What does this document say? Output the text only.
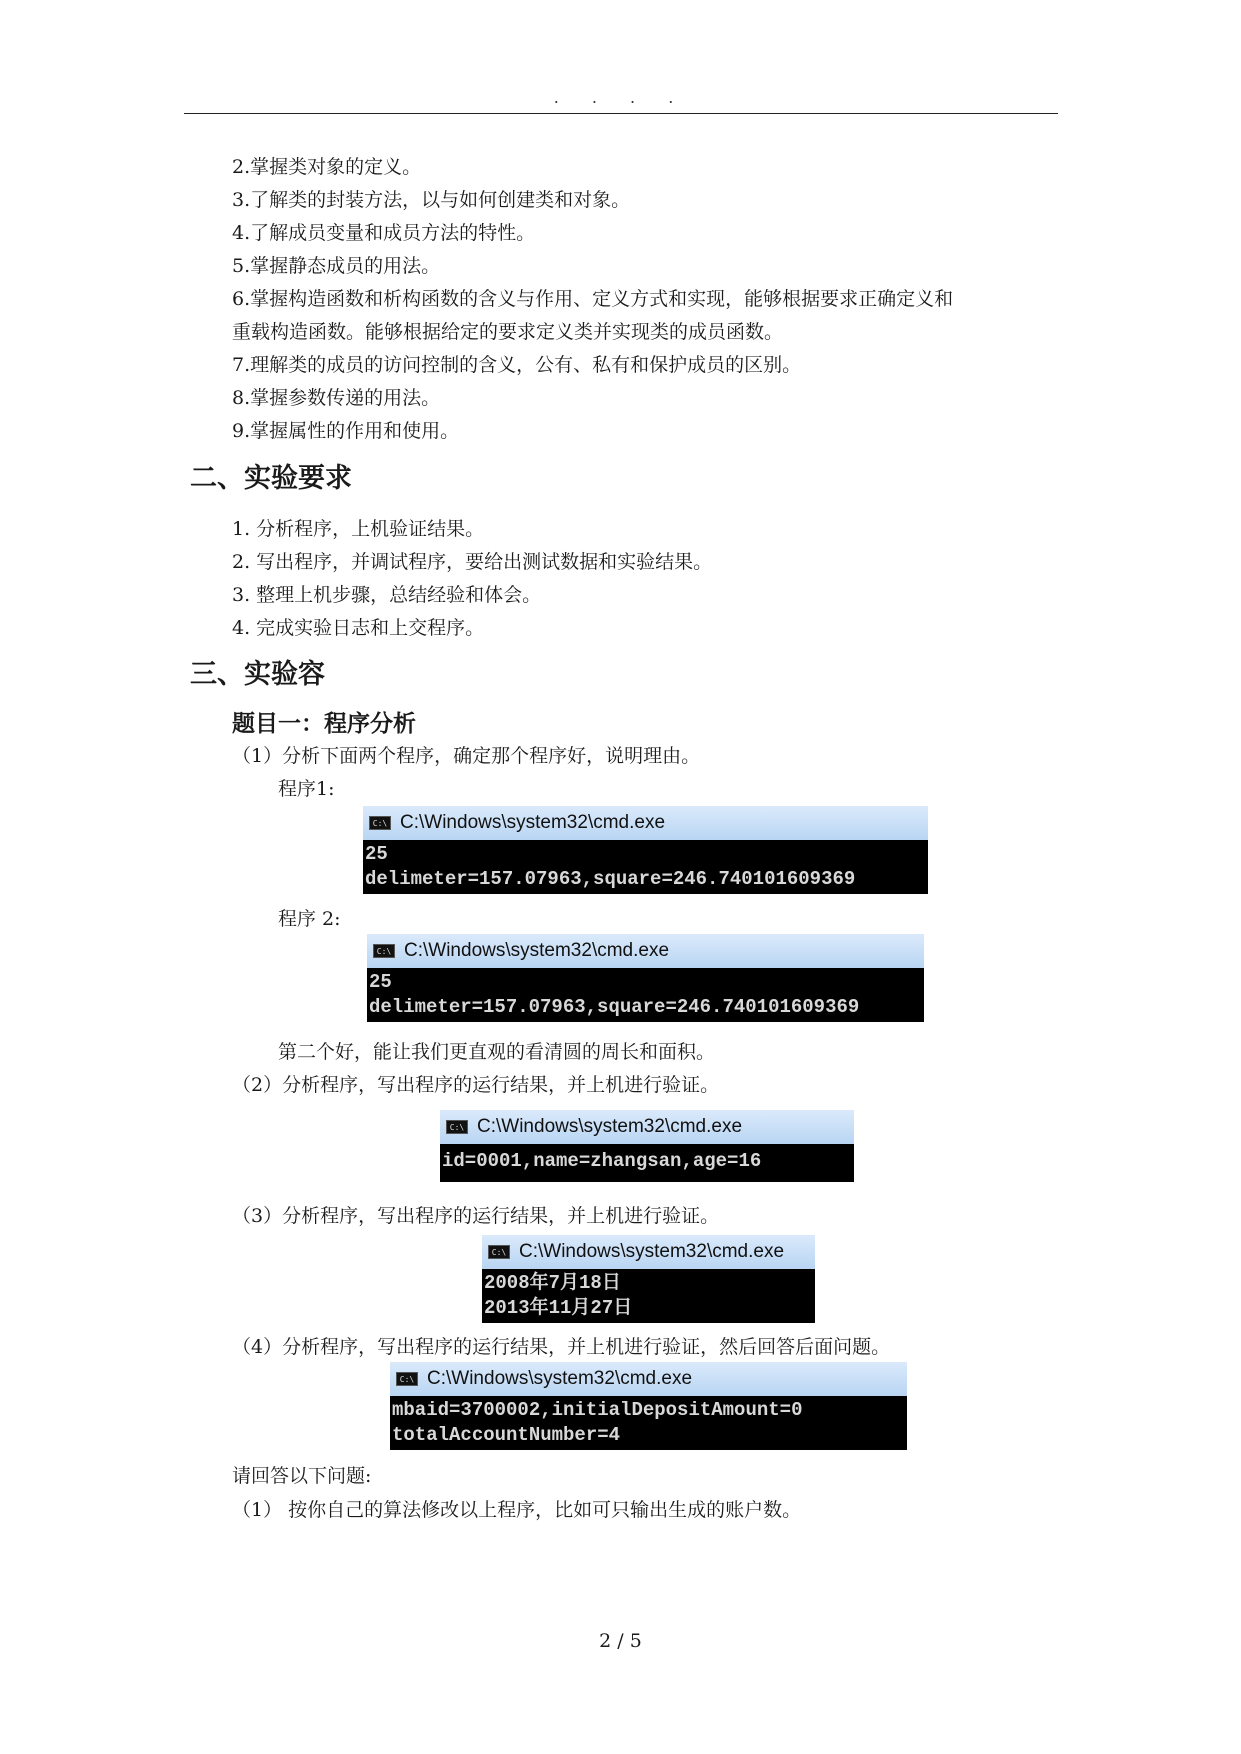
. . . .
2.掌握类对象的定义。
3.了解类的封装方法，以与如何创建类和对象。
4.了解成员变量和成员方法的特性。
5.掌握静态成员的用法。
6.掌握构造函数和析构函数的含义与作用、定义方式和实现，能够根据要求正确定义和
重载构造函数。能够根据给定的要求定义类并实现类的成员函数。
7.理解类的成员的访问控制的含义，公有、私有和保护成员的区别。
8.掌握参数传递的用法。
9.掌握属性的作用和使用。
二、实验要求
1. 分析程序，上机验证结果。
2. 写出程序，并调试程序，要给出测试数据和实验结果。
3. 整理上机步骤，总结经验和体会。
4. 完成实验日志和上交程序。
三、实验容
题目一：程序分析
（1）分析下面两个程序，确定那个程序好，说明理由。
程序1:
C:\ C:\Windows\system32\cmd.exe
25
delimeter=157.07963,square=246.740101609369
程序 2:
C:\ C:\Windows\system32\cmd.exe
25
delimeter=157.07963,square=246.740101609369
第二个好，能让我们更直观的看清圆的周长和面积。
（2）分析程序，写出程序的运行结果，并上机进行验证。
C:\ C:\Windows\system32\cmd.exe
id=0001,name=zhangsan,age=16
（3）分析程序，写出程序的运行结果，并上机进行验证。
C:\ C:\Windows\system32\cmd.exe
2008年7月18日
2013年11月27日
（4）分析程序，写出程序的运行结果，并上机进行验证，然后回答后面问题。
C:\ C:\Windows\system32\cmd.exe
mbaid=3700002,initialDepositAmount=0
totalAccountNumber=4
请回答以下问题:
（1） 按你自己的算法修改以上程序，比如可只输出生成的账户数。
2 / 5
